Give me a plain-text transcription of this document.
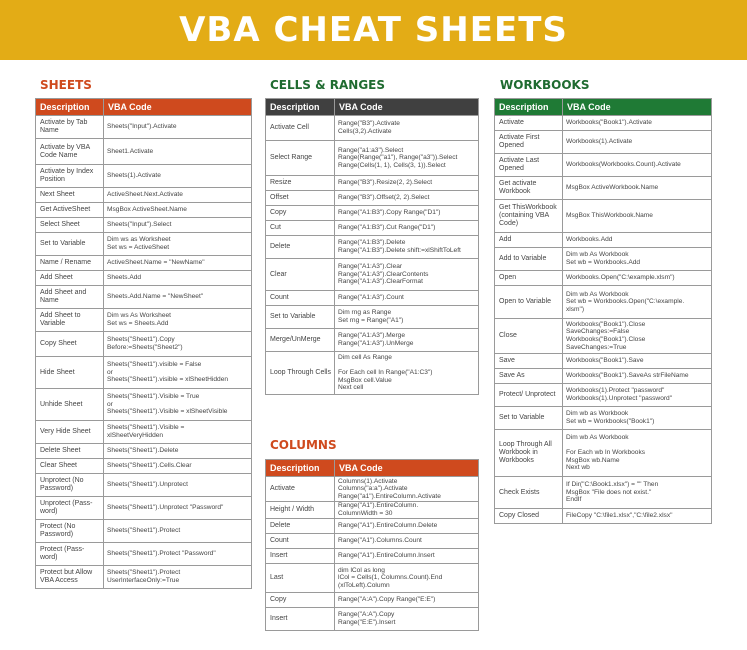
VBA CHEAT SHEETS
SHEETS
Description	VBA Code
Activate by Tab Name	Sheets("Input").Activate
Activate by VBA Code Name	Sheet1.Activate
Activate by Index Position	Sheets(1).Activate
Next Sheet	ActiveSheet.Next.Activate
Get ActiveSheet	MsgBox ActiveSheet.Name
Select Sheet	Sheets("Input").Select
Set to Variable	Dim ws as Worksheet
Set ws = ActiveSheet
Name / Rename	ActiveSheet.Name = "NewName"
Add Sheet	Sheets.Add
Add Sheet and Name	Sheets.Add.Name = "NewSheet"
Add Sheet to Variable	Dim ws As Worksheet
Set ws = Sheets.Add
Copy Sheet	Sheets("Sheet1").Copy
Before:=Sheets("Sheet2")
Hide Sheet	Sheets("Sheet1").visible = False
or
Sheets("Sheet1").visible = xlSheetHidden
Unhide Sheet	Sheets("Sheet1").Visible = True
or
Sheets("Sheet1").Visible = xlSheetVisible
Very Hide Sheet	Sheets("Sheet1").Visible =
xlSheetVeryHidden
Delete Sheet	Sheets("Sheet1").Delete
Clear Sheet	Sheets("Sheet1").Cells.Clear
Unprotect (No Password)	Sheets("Sheet1").Unprotect
Unprotect (Pass-word)	Sheets("Sheet1").Unprotect "Password"
Protect (No Password)	Sheets("Sheet1").Protect
Protect (Pass-word)	Sheets("Sheet1").Protect "Password"
Protect but Allow VBA Access	Sheets("Sheet1").Protect
UserInterfaceOnly:=True
CELLS & RANGES
Description	VBA Code
Activate Cell	Range("B3").Activate
Cells(3,2).Activate
Select Range	Range("a1:a3").Select
Range(Range("a1"), Range("a3")).Select
Range(Cells(1, 1), Cells(3, 1)).Select
Resize	Range("B3").Resize(2, 2).Select
Offset	Range("B3").Offset(2, 2).Select
Copy	Range("A1:B3").Copy Range("D1")
Cut	Range("A1:B3").Cut Range("D1")
Delete	Range("A1:B3").Delete
Range("A1:B3").Delete shift:=xlShiftToLeft
Clear	Range("A1:A3").Clear
Range("A1:A3").ClearContents
Range("A1:A3").ClearFormat
Count	Range("A1:A3").Count
Set to Variable	Dim rng as Range
Set rng = Range("A1")
Merge/UnMerge	Range("A1:A3").Merge
Range("A1:A3").UnMerge
Loop Through Cells	Dim cell As Range

For Each cell In Range("A1:C3")
MsgBox cell.Value
Next cell
COLUMNS
Description	VBA Code
Activate	Columns(1).Activate
Columns("a:a").Activate
Range("a1").EntireColumn.Activate
Height / Width	Range("A1").EntireColumn.
ColumnWidth = 30
Delete	Range("A1").EntireColumn.Delete
Count	Range("A1").Columns.Count
Insert	Range("A1").EntireColumn.Insert
Last	dim lCol as long
lCol = Cells(1, Columns.Count).End
(xlToLeft).Column
Copy	Range("A:A").Copy Range("E:E")
Insert	Range("A:A").Copy
Range("E:E").Insert
WORKBOOKS
Description	VBA Code
Activate	Workbooks("Book1").Activate
Activate First Opened	Workbooks(1).Activate
Activate Last Opened	Workbooks(Workbooks.Count).Activate
Get activate Workbook	MsgBox ActiveWorkbook.Name
Get ThisWorkbook (containing VBA Code)	MsgBox ThisWorkbook.Name
Add	Workbooks.Add
Add to Variable	Dim wb As Workbook
Set wb = Workbooks.Add
Open	Workbooks.Open("C:\example.xlsm")
Open to Variable	Dim wb As Workbook
Set wb = Workbooks.Open("C:\example.
xlsm")
Close	Workbooks("Book1").Close
SaveChanges:=False
Workbooks("Book1").Close
SaveChanges:=True
Save	Workbooks("Book1").Save
Save As	Workbooks("Book1").SaveAs strFileName
Protect/ Unprotect	Workbooks(1).Protect "password"
Workbooks(1).Unprotect "password"
Set to Variable	Dim wb as Workbook
Set wb = Workbooks("Book1")
Loop Through All Workbook in Workbooks	Dim wb As Workbook

For Each wb In Workbooks
MsgBox wb.Name
Next wb
Check Exists	If Dir("C:\Book1.xlsx") = "" Then
MsgBox "File does not exist."
EndIf
Copy Closed	FileCopy "C:\file1.xlsx","C:\file2.xlsx"
